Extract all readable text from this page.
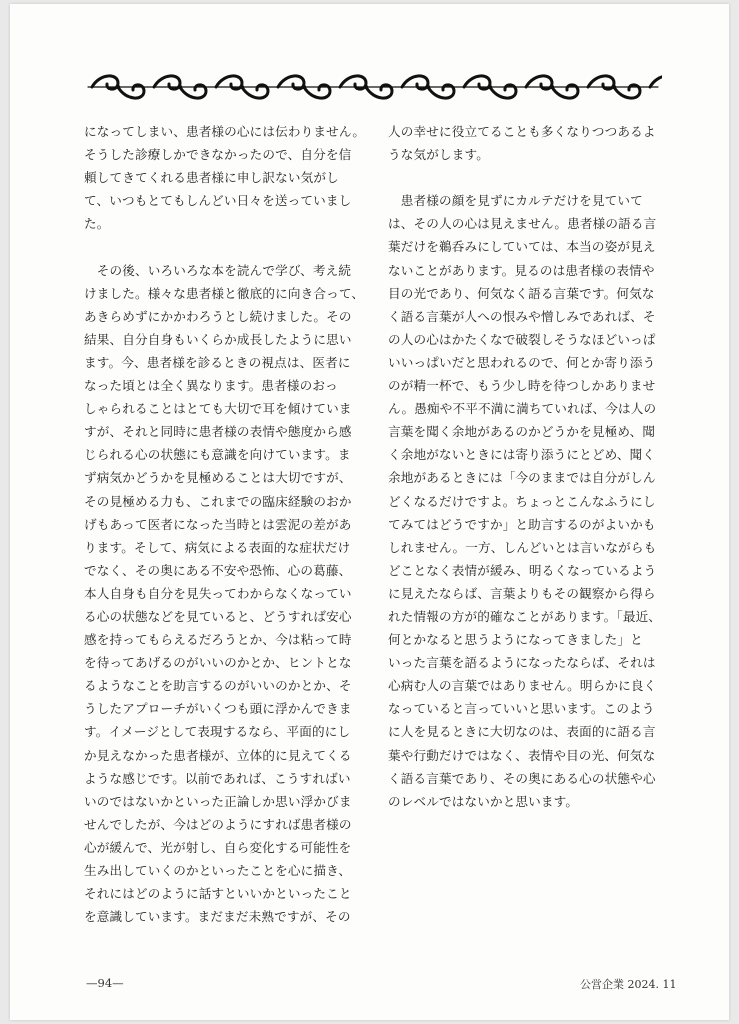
になってしまい、患者様の心には伝わりません。
そうした診療しかできなかったので、自分を信
頼してきてくれる患者様に申し訳ない気がし
て、いつもとてもしんどい日々を送っていまし
た。
　その後、いろいろな本を読んで学び、考え続
けました。様々な患者様と徹底的に向き合って、
あきらめずにかかわろうとし続けました。その
結果、自分自身もいくらか成長したように思い
ます。今、患者様を診るときの視点は、医者に
なった頃とは全く異なります。患者様のおっ
しゃられることはとても大切で耳を傾けていま
すが、それと同時に患者様の表情や態度から感
じられる心の状態にも意識を向けています。ま
ず病気かどうかを見極めることは大切ですが、
その見極める力も、これまでの臨床経験のおか
げもあって医者になった当時とは雲泥の差があ
ります。そして、病気による表面的な症状だけ
でなく、その奥にある不安や恐怖、心の葛藤、
本人自身も自分を見失ってわからなくなってい
る心の状態などを見ていると、どうすれば安心
感を持ってもらえるだろうとか、今は粘って時
を待ってあげるのがいいのかとか、ヒントとな
るようなことを助言するのがいいのかとか、そ
うしたアプローチがいくつも頭に浮かんできま
す。イメージとして表現するなら、平面的にし
か見えなかった患者様が、立体的に見えてくる
ような感じです。以前であれば、こうすればい
いのではないかといった正論しか思い浮かびま
せんでしたが、今はどのようにすれば患者様の
心が緩んで、光が射し、自ら変化する可能性を
生み出していくのかといったことを心に描き、
それにはどのように話すといいかといったこと
を意識しています。まだまだ未熟ですが、その
人の幸せに役立てることも多くなりつつあるよ
うな気がします。
　患者様の顔を見ずにカルテだけを見ていて
は、その人の心は見えません。患者様の語る言
葉だけを鵜呑みにしていては、本当の姿が見え
ないことがあります。見るのは患者様の表情や
目の光であり、何気なく語る言葉です。何気な
く語る言葉が人への恨みや憎しみであれば、そ
の人の心はかたくなで破裂しそうなほどいっぱ
いいっぱいだと思われるので、何とか寄り添う
のが精一杯で、もう少し時を待つしかありませ
ん。愚痴や不平不満に満ちていれば、今は人の
言葉を聞く余地があるのかどうかを見極め、聞
く余地がないときには寄り添うにとどめ、聞く
余地があるときには「今のままでは自分がしん
どくなるだけですよ。ちょっとこんなふうにし
てみてはどうですか」と助言するのがよいかも
しれません。一方、しんどいとは言いながらも
どことなく表情が緩み、明るくなっているよう
に見えたならば、言葉よりもその観察から得ら
れた情報の方が的確なことがあります。「最近、
何とかなると思うようになってきました」と
いった言葉を語るようになったならば、それは
心病む人の言葉ではありません。明らかに良く
なっていると言っていいと思います。このよう
に人を見るときに大切なのは、表面的に語る言
葉や行動だけではなく、表情や目の光、何気な
く語る言葉であり、その奥にある心の状態や心
のレベルではないかと思います。
—94—	公営企業 2024. 11
